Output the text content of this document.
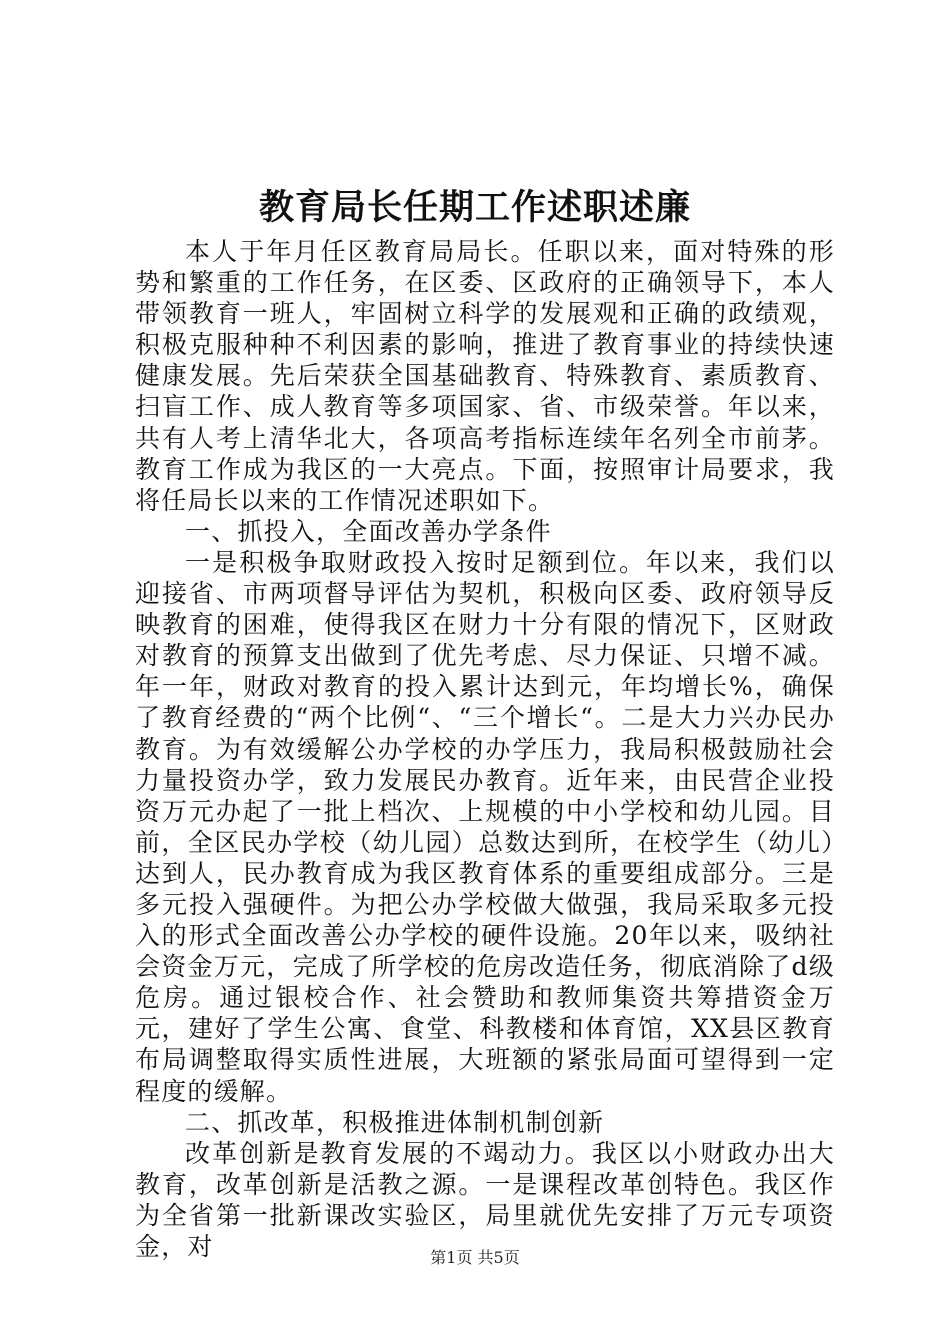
教育局长任期工作述职述廉

本人于年月任区教育局局长。任职以来，面对特殊的形势和繁重的工作任务，在区委、区政府的正确领导下，本人带领教育一班人，牢固树立科学的发展观和正确的政绩观，积极克服种种不利因素的影响，推进了教育事业的持续快速健康发展。先后荣获全国基础教育、特殊教育、素质教育、扫盲工作、成人教育等多项国家、省、市级荣誉。年以来，共有人考上清华北大，各项高考指标连续年名列全市前茅。教育工作成为我区的一大亮点。下面，按照审计局要求，我将任局长以来的工作情况述职如下。

一、抓投入，全面改善办学条件

一是积极争取财政投入按时足额到位。年以来，我们以迎接省、市两项督导评估为契机，积极向区委、政府领导反映教育的困难，使得我区在财力十分有限的情况下，区财政对教育的预算支出做到了优先考虑、尽力保证、只增不减。年一年，财政对教育的投入累计达到元，年均增长%，确保了教育经费的“两个比例“、“三个增长“。二是大力兴办民办教育。为有效缓解公办学校的办学压力，我局积极鼓励社会力量投资办学，致力发展民办教育。近年来，由民营企业投资万元办起了一批上档次、上规模的中小学校和幼儿园。目前，全区民办学校（幼儿园）总数达到所，在校学生（幼儿）达到人，民办教育成为我区教育体系的重要组成部分。三是多元投入强硬件。为把公办学校做大做强，我局采取多元投入的形式全面改善公办学校的硬件设施。20年以来，吸纳社会资金万元，完成了所学校的危房改造任务，彻底消除了d级危房。通过银校合作、社会赞助和教师集资共筹措资金万元，建好了学生公寓、食堂、科教楼和体育馆，XX县区教育布局调整取得实质性进展，大班额的紧张局面可望得到一定程度的缓解。

二、抓改革，积极推进体制机制创新

改革创新是教育发展的不竭动力。我区以小财政办出大教育，改革创新是活教之源。一是课程改革创特色。我区作为全省第一批新课改实验区，局里就优先安排了万元专项资金，对	第1页 共5页
